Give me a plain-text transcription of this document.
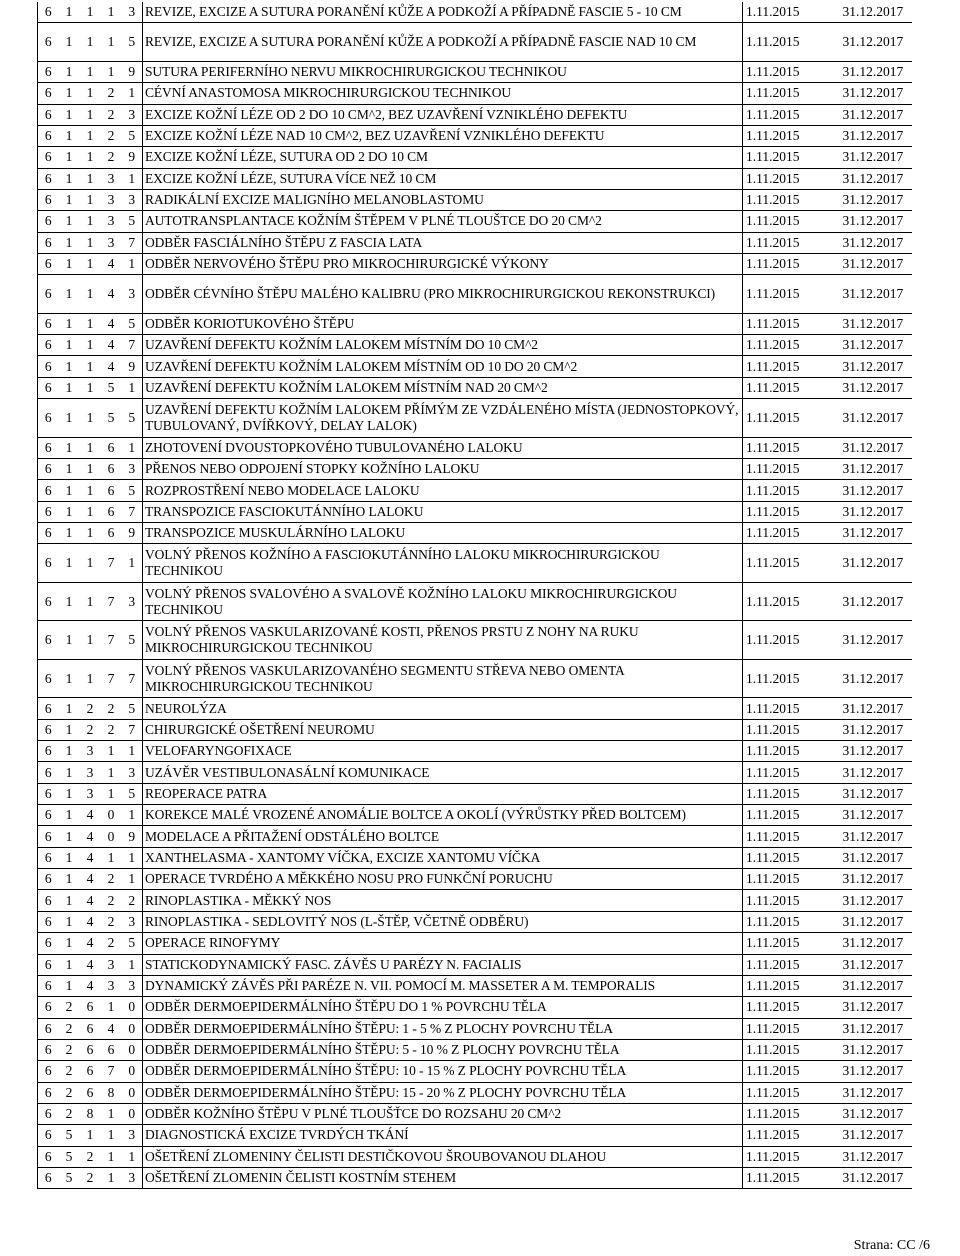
6	1	1	1	3	REVIZE, EXCIZE A SUTURA PORANĚNÍ KŮŽE A PODKOŽÍ A PŘÍPADNĚ FASCIE 5 - 10 CM	1.11.2015	31.12.2017
6	1	1	1	5	REVIZE, EXCIZE A SUTURA PORANĚNÍ KŮŽE A PODKOŽÍ A PŘÍPADNĚ FASCIE NAD 10 CM	1.11.2015	31.12.2017
6	1	1	1	9	SUTURA PERIFERNÍHO NERVU MIKROCHIRURGICKOU TECHNIKOU	1.11.2015	31.12.2017
6	1	1	2	1	CÉVNÍ ANASTOMOSA MIKROCHIRURGICKOU TECHNIKOU	1.11.2015	31.12.2017
6	1	1	2	3	EXCIZE KOŽNÍ LÉZE OD 2 DO 10 CM^2, BEZ UZAVŘENÍ VZNIKLÉHO DEFEKTU	1.11.2015	31.12.2017
6	1	1	2	5	EXCIZE KOŽNÍ LÉZE NAD 10 CM^2, BEZ UZAVŘENÍ VZNIKLÉHO DEFEKTU	1.11.2015	31.12.2017
6	1	1	2	9	EXCIZE KOŽNÍ LÉZE, SUTURA OD 2 DO 10 CM	1.11.2015	31.12.2017
6	1	1	3	1	EXCIZE KOŽNÍ LÉZE, SUTURA VÍCE NEŽ 10 CM	1.11.2015	31.12.2017
6	1	1	3	3	RADIKÁLNÍ EXCIZE MALIGNÍHO MELANOBLASTOMU	1.11.2015	31.12.2017
6	1	1	3	5	AUTOTRANSPLANTACE KOŽNÍM ŠTĚPEM V PLNÉ TLOUŠTCE DO 20 CM^2	1.11.2015	31.12.2017
6	1	1	3	7	ODBĚR FASCIÁLNÍHO ŠTĚPU Z FASCIA LATA	1.11.2015	31.12.2017
6	1	1	4	1	ODBĚR NERVOVÉHO ŠTĚPU PRO MIKROCHIRURGICKÉ VÝKONY	1.11.2015	31.12.2017
6	1	1	4	3	ODBĚR CÉVNÍHO ŠTĚPU MALÉHO KALIBRU (PRO MIKROCHIRURGICKOU REKONSTRUKCI)	1.11.2015	31.12.2017
6	1	1	4	5	ODBĚR KORIOTUKOVÉHO ŠTĚPU	1.11.2015	31.12.2017
6	1	1	4	7	UZAVŘENÍ DEFEKTU KOŽNÍM LALOKEM MÍSTNÍM DO 10 CM^2	1.11.2015	31.12.2017
6	1	1	4	9	UZAVŘENÍ DEFEKTU KOŽNÍM LALOKEM MÍSTNÍM OD 10 DO 20 CM^2	1.11.2015	31.12.2017
6	1	1	5	1	UZAVŘENÍ DEFEKTU KOŽNÍM LALOKEM MÍSTNÍM NAD 20 CM^2	1.11.2015	31.12.2017
6	1	1	5	5	UZAVŘENÍ DEFEKTU KOŽNÍM LALOKEM PŘÍMÝM ZE VZDÁLENÉHO MÍSTA (JEDNOSTOPKOVÝ, TUBULOVANÝ, DVÍŘKOVÝ, DELAY LALOK)	1.11.2015	31.12.2017
6	1	1	6	1	ZHOTOVENÍ DVOUSTOPKOVÉHO TUBULOVANÉHO LALOKU	1.11.2015	31.12.2017
6	1	1	6	3	PŘENOS NEBO ODPOJENÍ STOPKY KOŽNÍHO LALOKU	1.11.2015	31.12.2017
6	1	1	6	5	ROZPROSTŘENÍ NEBO MODELACE LALOKU	1.11.2015	31.12.2017
6	1	1	6	7	TRANSPOZICE FASCIOKUTÁNNÍHO LALOKU	1.11.2015	31.12.2017
6	1	1	6	9	TRANSPOZICE MUSKULÁRNÍHO LALOKU	1.11.2015	31.12.2017
6	1	1	7	1	VOLNÝ PŘENOS KOŽNÍHO A FASCIOKUTÁNNÍHO LALOKU MIKROCHIRURGICKOU TECHNIKOU	1.11.2015	31.12.2017
6	1	1	7	3	VOLNÝ PŘENOS SVALOVÉHO A SVALOVĚ KOŽNÍHO LALOKU MIKROCHIRURGICKOU TECHNIKOU	1.11.2015	31.12.2017
6	1	1	7	5	VOLNÝ PŘENOS VASKULARIZOVANÉ KOSTI, PŘENOS PRSTU Z NOHY NA RUKU MIKROCHIRURGICKOU TECHNIKOU	1.11.2015	31.12.2017
6	1	1	7	7	VOLNÝ PŘENOS VASKULARIZOVANÉHO SEGMENTU STŘEVA NEBO OMENTA MIKROCHIRURGICKOU TECHNIKOU	1.11.2015	31.12.2017
6	1	2	2	5	NEUROLÝZA	1.11.2015	31.12.2017
6	1	2	2	7	CHIRURGICKÉ OŠETŘENÍ NEUROMU	1.11.2015	31.12.2017
6	1	3	1	1	VELOFARYNGOFIXACE	1.11.2015	31.12.2017
6	1	3	1	3	UZÁVĚR VESTIBULONASÁLNÍ KOMUNIKACE	1.11.2015	31.12.2017
6	1	3	1	5	REOPERACE PATRA	1.11.2015	31.12.2017
6	1	4	0	1	KOREKCE MALÉ VROZENÉ ANOMÁLIE BOLTCE A OKOLÍ (VÝRŮSTKY PŘED BOLTCEM)	1.11.2015	31.12.2017
6	1	4	0	9	MODELACE A PŘITAŽENÍ ODSTÁLÉHO BOLTCE	1.11.2015	31.12.2017
6	1	4	1	1	XANTHELASMA - XANTOMY VÍČKA, EXCIZE XANTOMU VÍČKA	1.11.2015	31.12.2017
6	1	4	2	1	OPERACE TVRDÉHO A MĚKKÉHO NOSU PRO FUNKČNÍ PORUCHU	1.11.2015	31.12.2017
6	1	4	2	2	RINOPLASTIKA - MĚKKÝ NOS	1.11.2015	31.12.2017
6	1	4	2	3	RINOPLASTIKA - SEDLOVITÝ NOS (L-ŠTĚP, VČETNĚ ODBĚRU)	1.11.2015	31.12.2017
6	1	4	2	5	OPERACE RINOFYMY	1.11.2015	31.12.2017
6	1	4	3	1	STATICKODYNAMICKÝ FASC. ZÁVĚS U PARÉZY N. FACIALIS	1.11.2015	31.12.2017
6	1	4	3	3	DYNAMICKÝ ZÁVĚS PŘI PARÉZE N. VII. POMOCÍ M. MASSETER A M. TEMPORALIS	1.11.2015	31.12.2017
6	2	6	1	0	ODBĚR DERMOEPIDERMÁLNÍHO ŠTĚPU DO 1 % POVRCHU TĚLA	1.11.2015	31.12.2017
6	2	6	4	0	ODBĚR DERMOEPIDERMÁLNÍHO ŠTĚPU: 1 - 5 % Z PLOCHY POVRCHU TĚLA	1.11.2015	31.12.2017
6	2	6	6	0	ODBĚR DERMOEPIDERMÁLNÍHO ŠTĚPU: 5 - 10 % Z PLOCHY POVRCHU TĚLA	1.11.2015	31.12.2017
6	2	6	7	0	ODBĚR DERMOEPIDERMÁLNÍHO ŠTĚPU: 10 - 15 % Z PLOCHY POVRCHU TĚLA	1.11.2015	31.12.2017
6	2	6	8	0	ODBĚR DERMOEPIDERMÁLNÍHO ŠTĚPU: 15 - 20 % Z PLOCHY POVRCHU TĚLA	1.11.2015	31.12.2017
6	2	8	1	0	ODBĚR KOŽNÍHO ŠTĚPU V PLNÉ TLOUŠŤCE DO ROZSAHU 20 CM^2	1.11.2015	31.12.2017
6	5	1	1	3	DIAGNOSTICKÁ EXCIZE TVRDÝCH TKÁNÍ	1.11.2015	31.12.2017
6	5	2	1	1	OŠETŘENÍ ZLOMENINY ČELISTI DESTIČKOVOU ŠROUBOVANOU DLAHOU	1.11.2015	31.12.2017
6	5	2	1	3	OŠETŘENÍ ZLOMENIN ČELISTI KOSTNÍM STEHEM	1.11.2015	31.12.2017
Strana: CC /6
